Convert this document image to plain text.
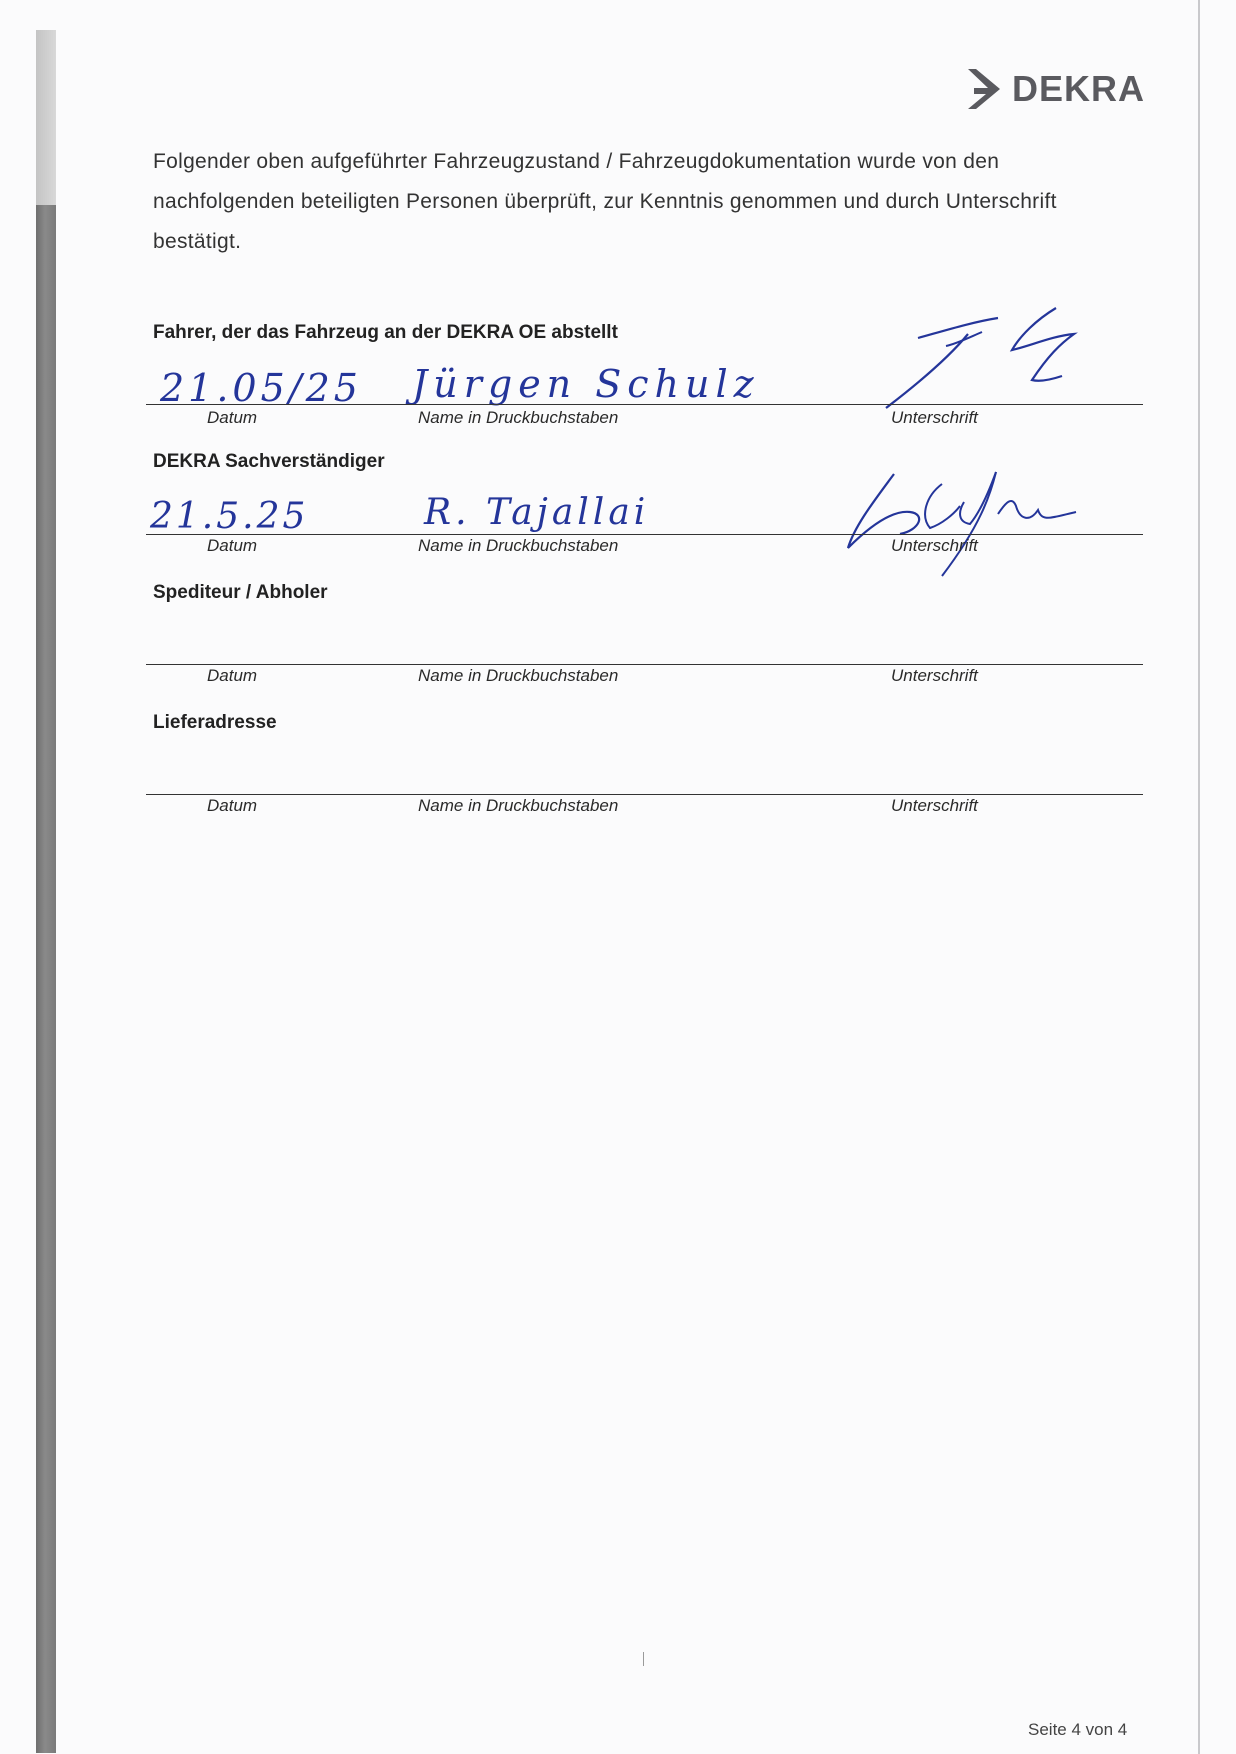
DEKRA

Folgender oben aufgeführter Fahrzeugzustand / Fahrzeugdokumentation wurde von den nachfolgenden beteiligten Personen überprüft, zur Kenntnis genommen und durch Unterschrift bestätigt.

Fahrer, der das Fahrzeug an der DEKRA OE abstellt
21.05/25 Jürgen Schulz
Datum	Name in Druckbuchstaben	Unterschrift
DEKRA Sachverständiger
21.5.25	R. Tajallai
Datum	Name in Druckbuchstaben	Unterschrift
Spediteur / Abholer
Datum	Name in Druckbuchstaben	Unterschrift
Lieferadresse
Datum	Name in Druckbuchstaben	Unterschrift
Seite 4 von 4
